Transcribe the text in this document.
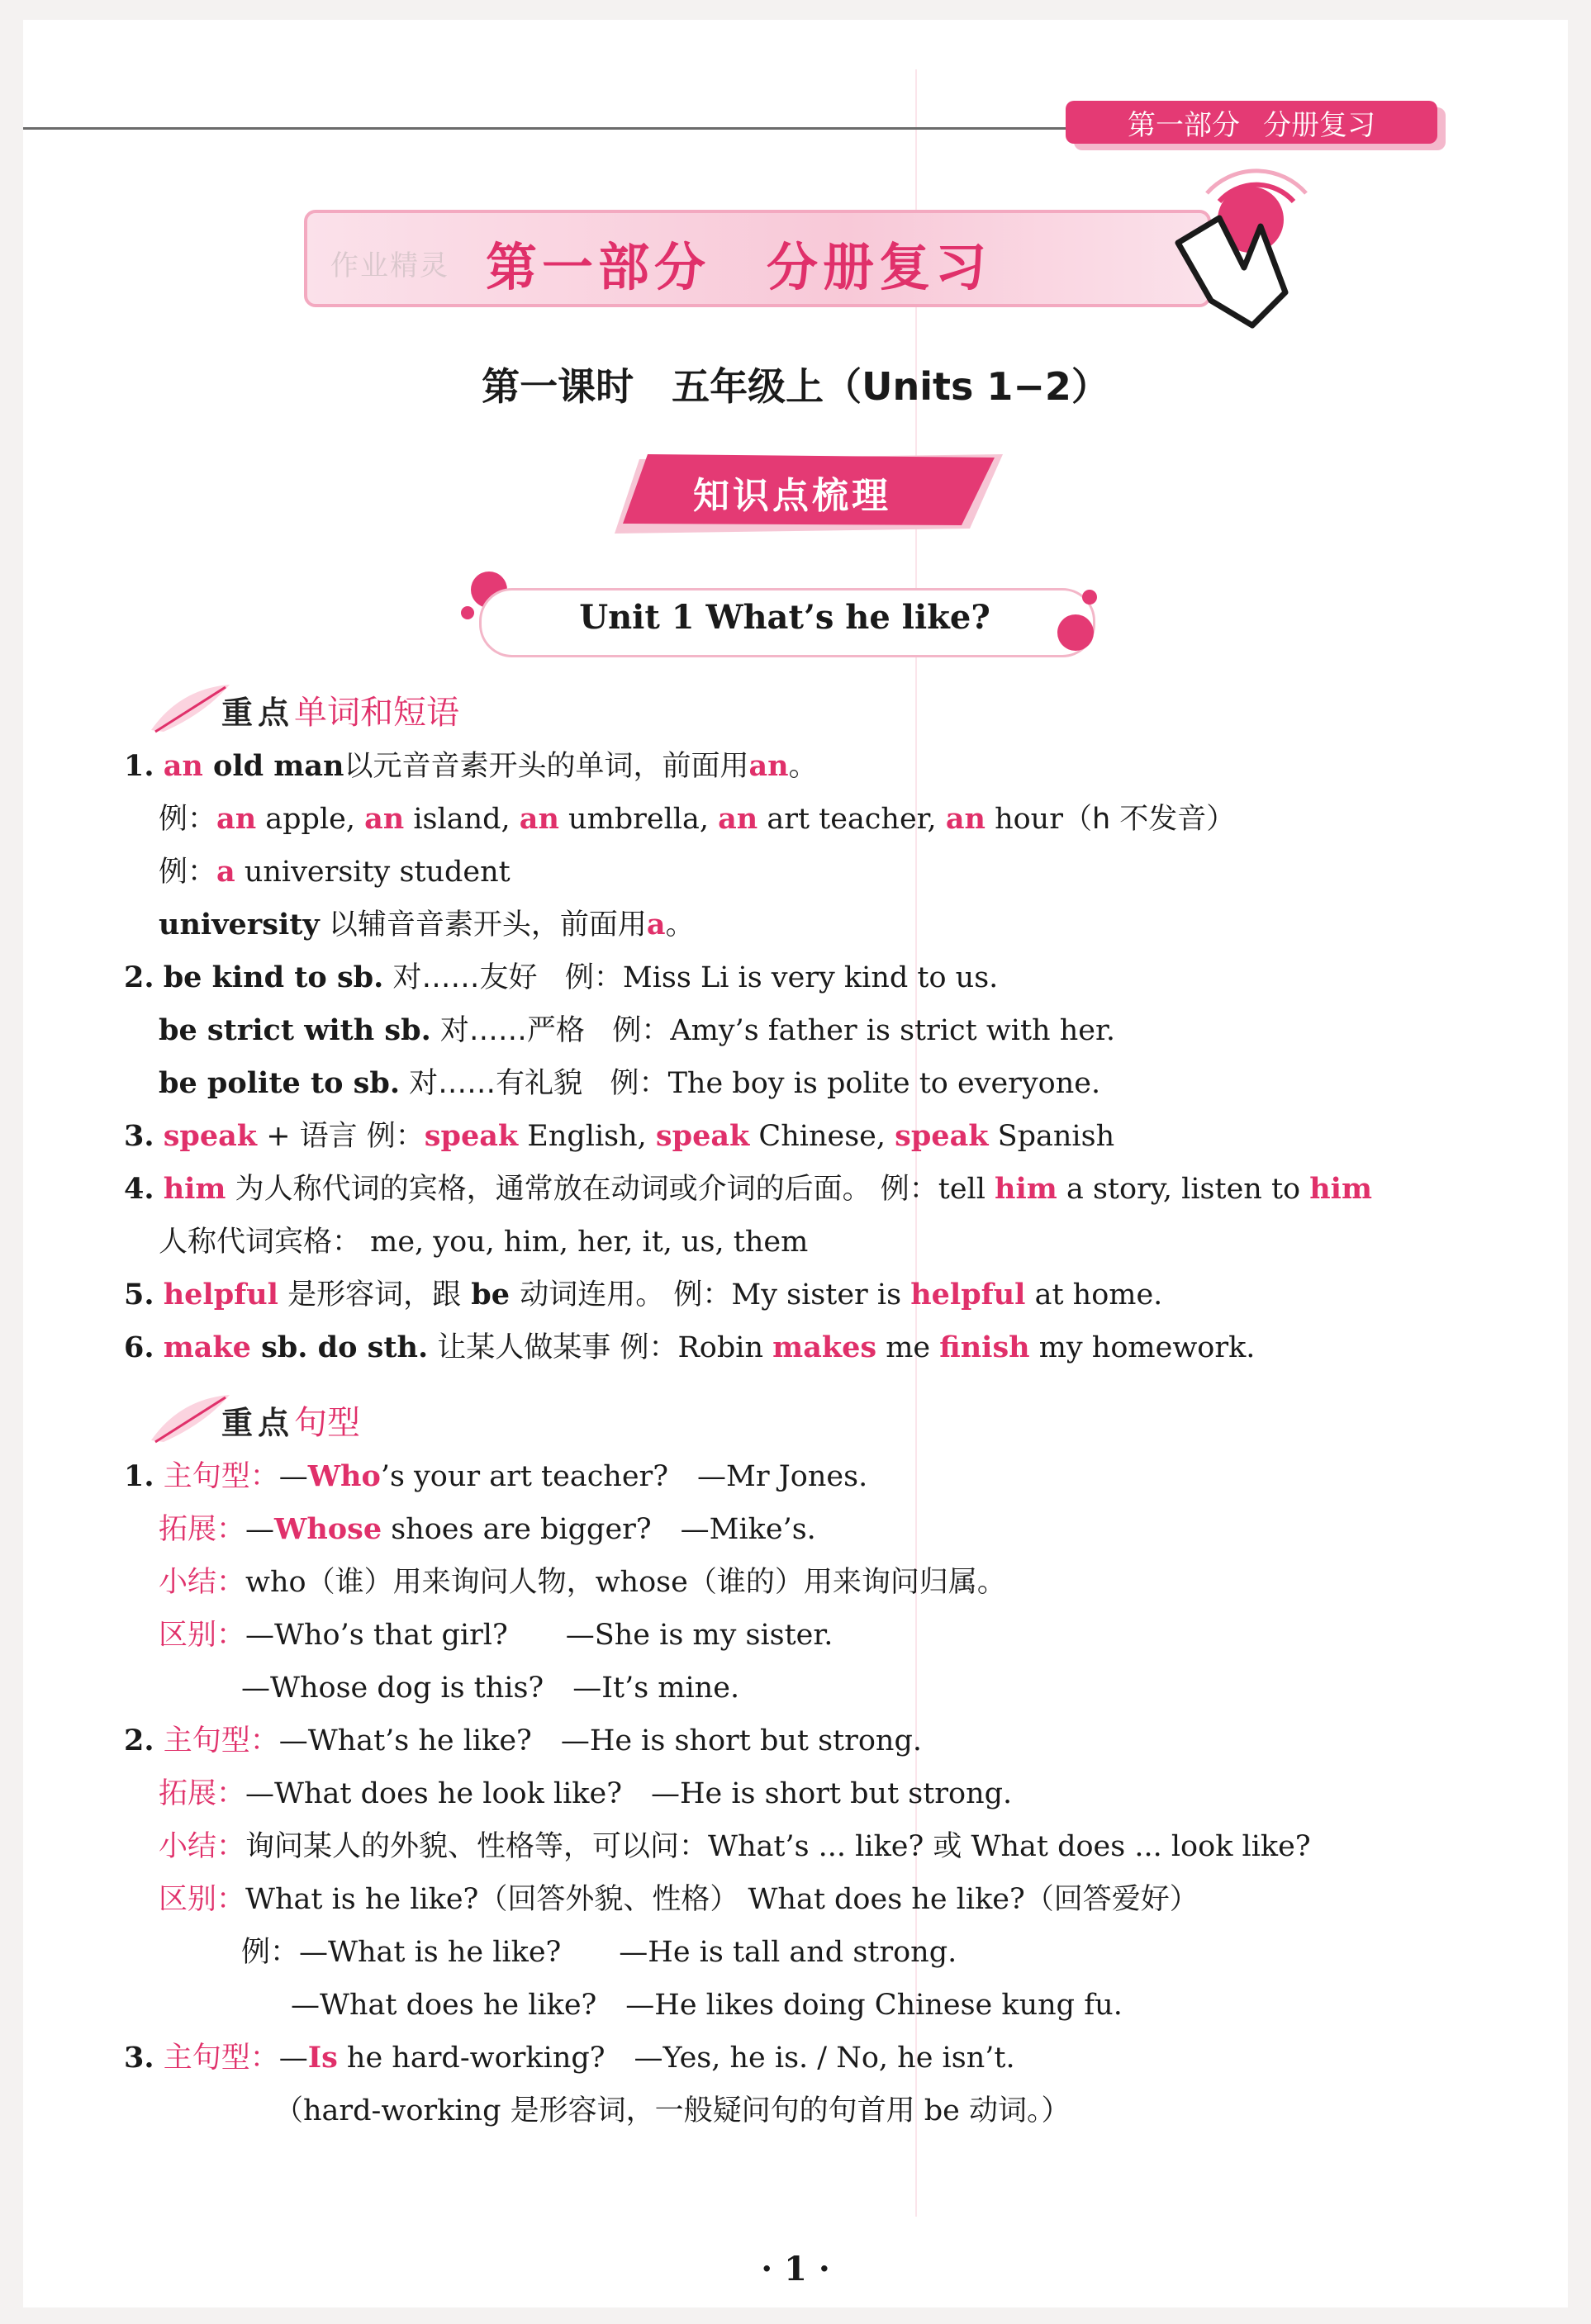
第一部分 分册复习
作业精灵 第一部分　分册复习
第一课时　五年级上（Units 1−2）
知识点梳理
Unit 1 What’s he like?
重点 单词和短语
1. an old man以元音音素开头的单词，前面用an。
例：an apple, an island, an umbrella, an art teacher, an hour（h 不发音）
例：a university student
university 以辅音音素开头，前面用a。
2. be kind to sb. 对……友好 例：Miss Li is very kind to us.
be strict with sb. 对……严格 例：Amy’s father is strict with her.
be polite to sb. 对……有礼貌 例：The boy is polite to everyone.
3. speak + 语言 例：speak English, speak Chinese, speak Spanish
4. him 为人称代词的宾格，通常放在动词或介词的后面。 例：tell him a story, listen to him
人称代词宾格： me, you, him, her, it, us, them
5. helpful 是形容词，跟 be 动词连用。 例：My sister is helpful at home.
6. make sb. do sth. 让某人做某事 例：Robin makes me finish my homework.
重点 句型
1. 主句型：—Who’s your art teacher?　—Mr Jones.
拓展：—Whose shoes are bigger?　—Mike’s.
小结：who（谁）用来询问人物，whose（谁的）用来询问归属。
区别：—Who’s that girl?　　—She is my sister.
—Whose dog is this?　—It’s mine.
2. 主句型：—What’s he like?　—He is short but strong.
拓展：—What does he look like?　—He is short but strong.
小结：询问某人的外貌、性格等，可以问：What’s ... like? 或 What does ... look like?
区别：What is he like?（回答外貌、性格） What does he like?（回答爱好）
例：—What is he like?　　—He is tall and strong.
—What does he like?　—He likes doing Chinese kung fu.
3. 主句型：—Is he hard-working?　—Yes, he is. / No, he isn’t.
（hard-working 是形容词，一般疑问句的句首用 be 动词。）
· 1 ·
